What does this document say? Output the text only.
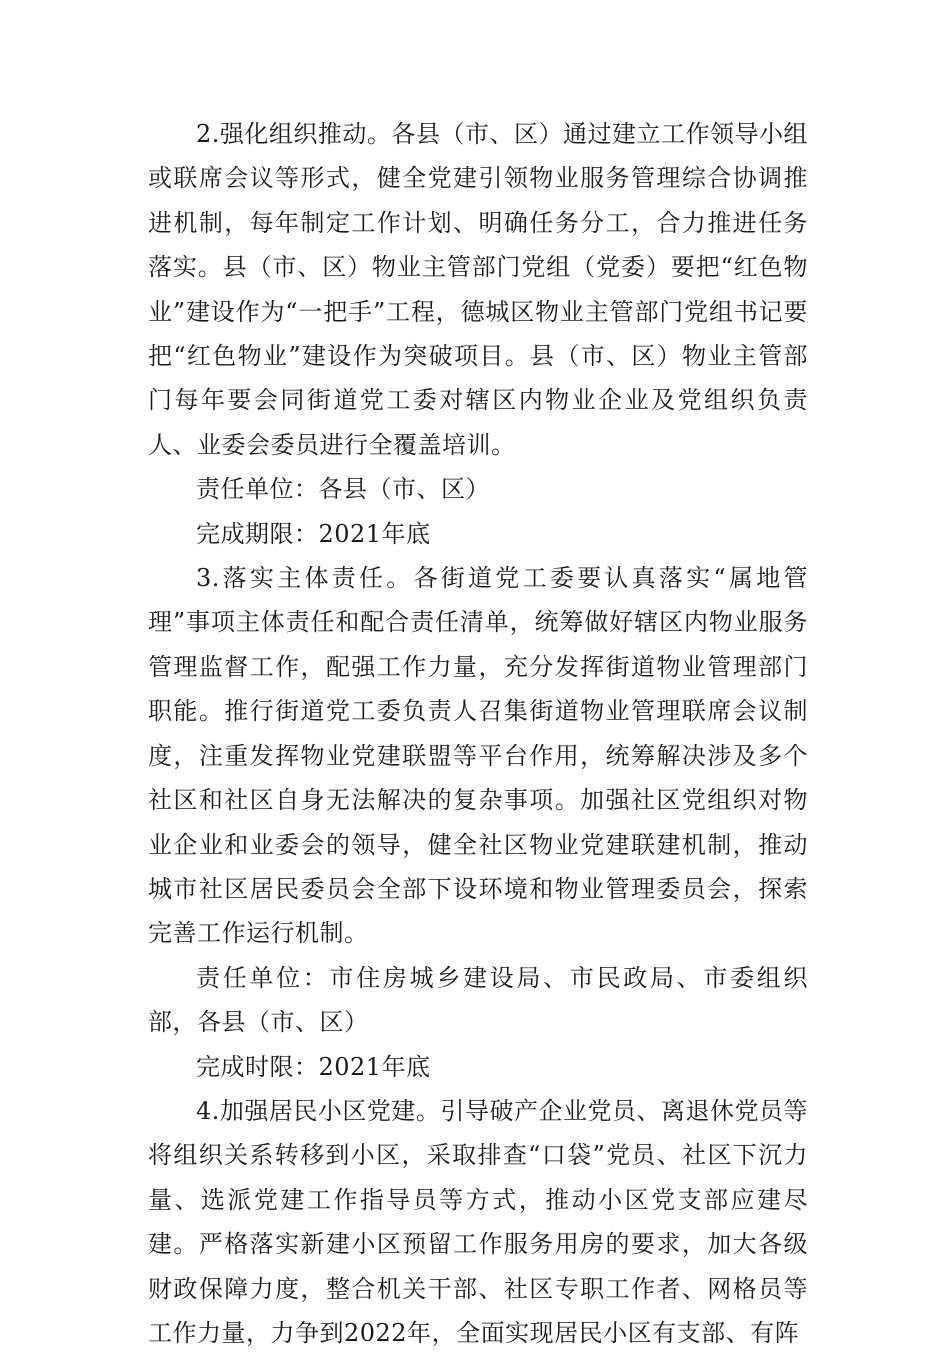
2.强化组织推动。各县（市、区）通过建立工作领导小组或联席会议等形式，健全党建引领物业服务管理综合协调推进机制，每年制定工作计划、明确任务分工，合力推进任务落实。县（市、区）物业主管部门党组（党委）要把“红色物业”建设作为“一把手”工程，德城区物业主管部门党组书记要把“红色物业”建设作为突破项目。县（市、区）物业主管部门每年要会同街道党工委对辖区内物业企业及党组织负责人、业委会委员进行全覆盖培训。

责任单位：各县（市、区）

完成期限：2021年底

3.落实主体责任。各街道党工委要认真落实“属地管理”事项主体责任和配合责任清单，统筹做好辖区内物业服务管理监督工作，配强工作力量，充分发挥街道物业管理部门职能。推行街道党工委负责人召集街道物业管理联席会议制度，注重发挥物业党建联盟等平台作用，统筹解决涉及多个社区和社区自身无法解决的复杂事项。加强社区党组织对物业企业和业委会的领导，健全社区物业党建联建机制，推动城市社区居民委员会全部下设环境和物业管理委员会，探索完善工作运行机制。

责任单位：市住房城乡建设局、市民政局、市委组织部，各县（市、区）

完成时限：2021年底

4.加强居民小区党建。引导破产企业党员、离退休党员等将组织关系转移到小区，采取排查“口袋”党员、社区下沉力量、选派党建工作指导员等方式，推动小区党支部应建尽建。严格落实新建小区预留工作服务用房的要求，加大各级财政保障力度，整合机关干部、社区专职工作者、网格员等工作力量，力争到2022年，全面实现居民小区有支部、有阵
